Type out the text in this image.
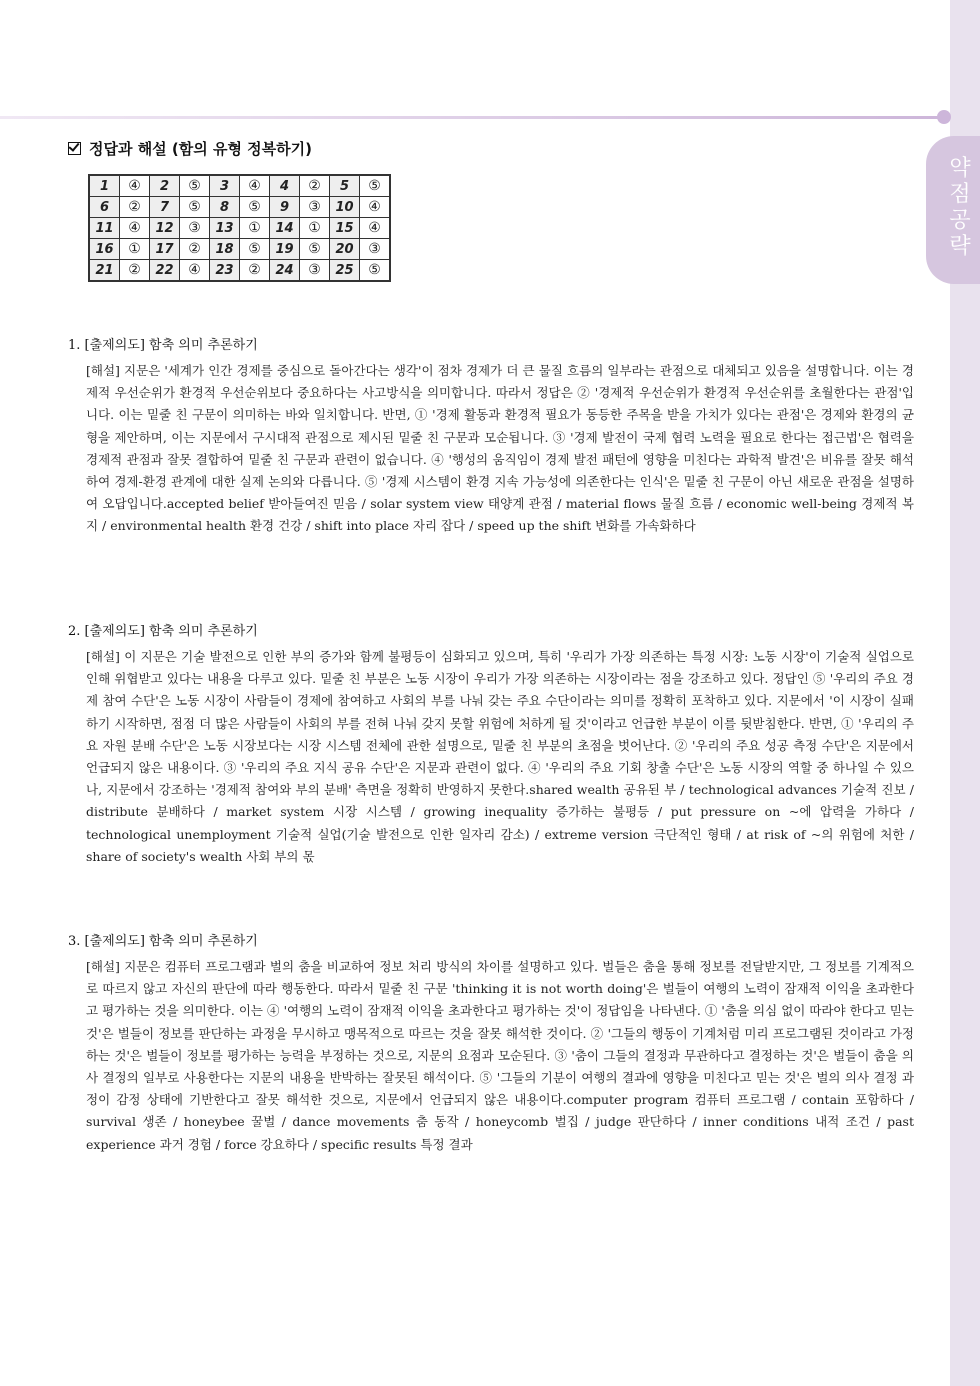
약점공략
정답과 해설 (함의 유형 정복하기)
1	④	2	⑤	3	④	4	②	5	⑤
6	②	7	⑤	8	⑤	9	③	10	④
11	④	12	③	13	①	14	①	15	④
16	①	17	②	18	⑤	19	⑤	20	③
21	②	22	④	23	②	24	③	25	⑤
1. [출제의도] 함축 의미 추론하기
[해설] 지문은 '세계가 인간 경제를 중심으로 돌아간다는 생각'이 점차 경제가 더 큰 물질 흐름의 일부라는 관점으로 대체되고 있음을 설명합니다. 이는 경제적 우선순위가 환경적 우선순위보다 중요하다는 사고방식을 의미합니다. 따라서 정답은 ② '경제적 우선순위가 환경적 우선순위를 초월한다는 관점'입니다. 이는 밑줄 친 구문이 의미하는 바와 일치합니다. 반면, ① '경제 활동과 환경적 필요가 동등한 주목을 받을 가치가 있다는 관점'은 경제와 환경의 균형을 제안하며, 이는 지문에서 구시대적 관점으로 제시된 밑줄 친 구문과 모순됩니다. ③ '경제 발전이 국제 협력 노력을 필요로 한다는 접근법'은 협력을 경제적 관점과 잘못 결합하여 밑줄 친 구문과 관련이 없습니다. ④ '행성의 움직임이 경제 발전 패턴에 영향을 미친다는 과학적 발견'은 비유를 잘못 해석하여 경제-환경 관계에 대한 실제 논의와 다릅니다. ⑤ '경제 시스템이 환경 지속 가능성에 의존한다는 인식'은 밑줄 친 구문이 아닌 새로운 관점을 설명하여 오답입니다.accepted belief 받아들여진 믿음 / solar system view 태양계 관점 / material flows 물질 흐름 / economic well-being 경제적 복지 / environmental health 환경 건강 / shift into place 자리 잡다 / speed up the shift 변화를 가속화하다
2. [출제의도] 함축 의미 추론하기
[해설] 이 지문은 기술 발전으로 인한 부의 증가와 함께 불평등이 심화되고 있으며, 특히 '우리가 가장 의존하는 특정 시장: 노동 시장'이 기술적 실업으로 인해 위협받고 있다는 내용을 다루고 있다. 밑줄 친 부분은 노동 시장이 우리가 가장 의존하는 시장이라는 점을 강조하고 있다. 정답인 ⑤ '우리의 주요 경제 참여 수단'은 노동 시장이 사람들이 경제에 참여하고 사회의 부를 나눠 갖는 주요 수단이라는 의미를 정확히 포착하고 있다. 지문에서 '이 시장이 실패하기 시작하면, 점점 더 많은 사람들이 사회의 부를 전혀 나눠 갖지 못할 위험에 처하게 될 것'이라고 언급한 부분이 이를 뒷받침한다. 반면, ① '우리의 주요 자원 분배 수단'은 노동 시장보다는 시장 시스템 전체에 관한 설명으로, 밑줄 친 부분의 초점을 벗어난다. ② '우리의 주요 성공 측정 수단'은 지문에서 언급되지 않은 내용이다. ③ '우리의 주요 지식 공유 수단'은 지문과 관련이 없다. ④ '우리의 주요 기회 창출 수단'은 노동 시장의 역할 중 하나일 수 있으나, 지문에서 강조하는 '경제적 참여와 부의 분배' 측면을 정확히 반영하지 못한다.shared wealth 공유된 부 / technological advances 기술적 진보 / distribute 분배하다 / market system 시장 시스템 / growing inequality 증가하는 불평등 / put pressure on ~에 압력을 가하다 / technological unemployment 기술적 실업(기술 발전으로 인한 일자리 감소) / extreme version 극단적인 형태 / at risk of ~의 위험에 처한 / share of society's wealth 사회 부의 몫
3. [출제의도] 함축 의미 추론하기
[해설] 지문은 컴퓨터 프로그램과 벌의 춤을 비교하여 정보 처리 방식의 차이를 설명하고 있다. 벌들은 춤을 통해 정보를 전달받지만, 그 정보를 기계적으로 따르지 않고 자신의 판단에 따라 행동한다. 따라서 밑줄 친 구문 'thinking it is not worth doing'은 벌들이 여행의 노력이 잠재적 이익을 초과한다고 평가하는 것을 의미한다. 이는 ④ '여행의 노력이 잠재적 이익을 초과한다고 평가하는 것'이 정답임을 나타낸다. ① '춤을 의심 없이 따라야 한다고 믿는 것'은 벌들이 정보를 판단하는 과정을 무시하고 맹목적으로 따르는 것을 잘못 해석한 것이다. ② '그들의 행동이 기계처럼 미리 프로그램된 것이라고 가정하는 것'은 벌들이 정보를 평가하는 능력을 부정하는 것으로, 지문의 요점과 모순된다. ③ '춤이 그들의 결정과 무관하다고 결정하는 것'은 벌들이 춤을 의사 결정의 일부로 사용한다는 지문의 내용을 반박하는 잘못된 해석이다. ⑤ '그들의 기분이 여행의 결과에 영향을 미친다고 믿는 것'은 벌의 의사 결정 과정이 감정 상태에 기반한다고 잘못 해석한 것으로, 지문에서 언급되지 않은 내용이다.computer program 컴퓨터 프로그램 / contain 포함하다 / survival 생존 / honeybee 꿀벌 / dance movements 춤 동작 / honeycomb 벌집 / judge 판단하다 / inner conditions 내적 조건 / past experience 과거 경험 / force 강요하다 / specific results 특정 결과
